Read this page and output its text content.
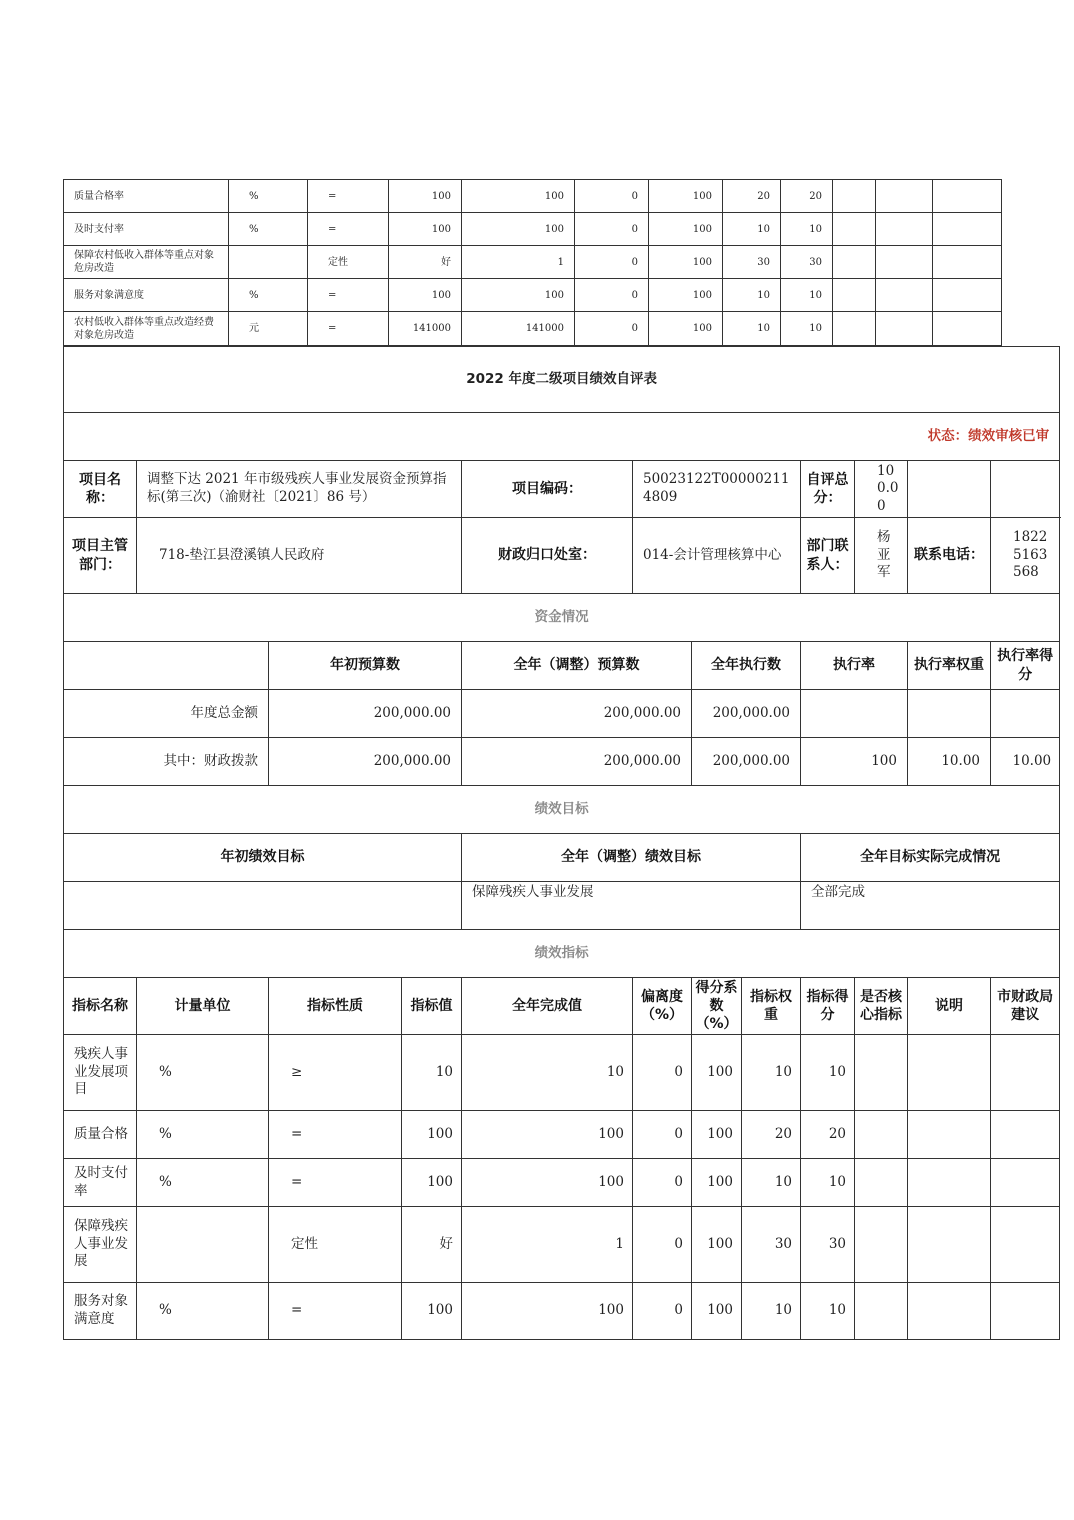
质量合格率	%	=	100	100	0	100	20	20			
及时支付率	%	=	100	100	0	100	10	10			
保障农村低收入群体等重点对象危房改造		定性	好	1	0	100	30	30			
服务对象满意度	%	=	100	100	0	100	10	10			
农村低收入群体等重点改造经费对象危房改造	元	=	141000	141000	0	100	10	10			
2022 年度二级项目绩效自评表											
状态：绩效审核已审											
项目名称：	调整下达 2021 年市级残疾人事业发展资金预算指标(第三次)（渝财社〔2021〕86 号）			项目编码：	50023122T000002114809			自评总分：	100.00		
项目主管部门：	718-垫江县澄溪镇人民政府			财政归口处室：	014-会计管理核算中心			部门联系人：	杨亚军	联系电话：	18225163568
资金情况											
		年初预算数		全年（调整）预算数		全年执行数		执行率		执行率权重	执行率得分
年度总金额		200,000.00		200,000.00		200,000.00					
其中：财政拨款		200,000.00		200,000.00		200,000.00		100		10.00	10.00
绩效目标											
年初绩效目标				全年（调整）绩效目标				全年目标实际完成情况			
				保障残疾人事业发展				全部完成			
绩效指标											
指标名称	计量单位	指标性质	指标值	全年完成值	偏离度（%）	得分系数（%）	指标权重	指标得分	是否核心指标	说明	市财政局建议
残疾人事业发展项目	%	≥	10	10	0	100	10	10			
质量合格	%	=	100	100	0	100	20	20			
及时支付率	%	=	100	100	0	100	10	10			
保障残疾人事业发展		定性	好	1	0	100	30	30			
服务对象满意度	%	=	100	100	0	100	10	10			
